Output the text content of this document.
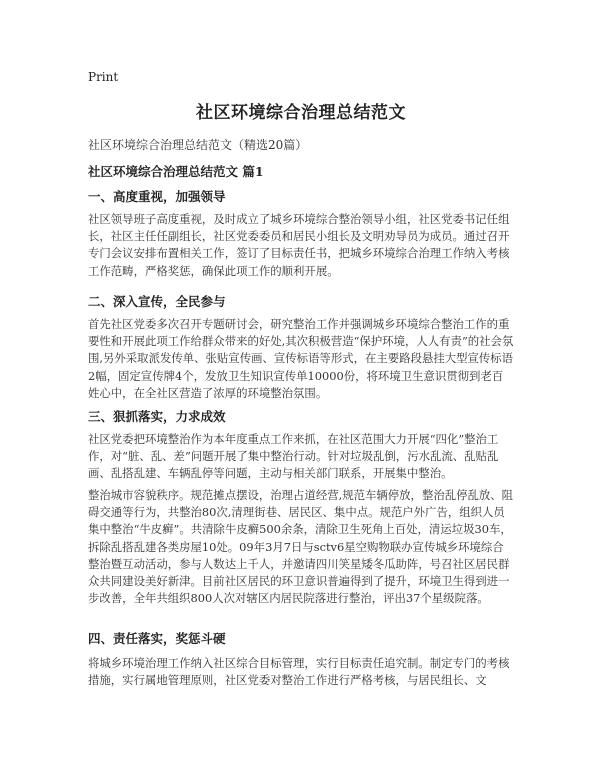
Print
社区环境综合治理总结范文
社区环境综合治理总结范文（精选20篇）
社区环境综合治理总结范文 篇1
一、高度重视，加强领导
社区领导班子高度重视，及时成立了城乡环境综合整治领导小组，社区党委书记任组长，社区主任任副组长，社区党委委员和居民小组长及文明劝导员为成员。通过召开专门会议安排布置相关工作，签订了目标责任书，把城乡环境综合治理工作纳入考核工作范畴，严格奖惩，确保此项工作的顺利开展。
二、深入宣传，全民参与
首先社区党委多次召开专题研讨会，研究整治工作并强调城乡环境综合整治工作的重要性和开展此项工作给群众带来的好处,其次积极营造“保护环境，人人有责”的社会氛围,另外采取派发传单、张贴宣传画、宣传标语等形式，在主要路段悬挂大型宣传标语2幅，固定宣传牌4个，发放卫生知识宣传单10000份，将环境卫生意识贯彻到老百姓心中，在全社区营造了浓厚的环境整治氛围。
三、狠抓落实，力求成效
社区党委把环境整治作为本年度重点工作来抓，在社区范围大力开展“四化”整治工作，对“脏、乱、差”问题开展了集中整治行动。针对垃圾乱倒，污水乱流、乱贴乱画、乱搭乱建、车辆乱停等问题，主动与相关部门联系，开展集中整治。
整治城市容貌秩序。规范摊点摆设，治理占道经营,规范车辆停放，整治乱停乱放、阻碍交通等行为，共整治80次,清理街巷、居民区、集中点。规范户外广告，组织人员集中整治“牛皮癣”。共清除牛皮癣500余条，清除卫生死角上百处，清运垃圾30车，拆除乱搭乱建各类房屋10处。09年3月7日与sctv6星空购物联办宣传城乡环境综合整治暨互动活动，参与人数达上千人，并邀请四川笑星矮冬瓜助阵，号召社区居民群众共同建设美好新津。目前社区居民的环卫意识普遍得到了提升，环境卫生得到进一步改善，全年共组织800人次对辖区内居民院落进行整治，评出37个星级院落。
四、责任落实，奖惩斗硬
将城乡环境治理工作纳入社区综合目标管理，实行目标责任追究制。制定专门的考核措施，实行属地管理原则，社区党委对整治工作进行严格考核，与居民组长、文
